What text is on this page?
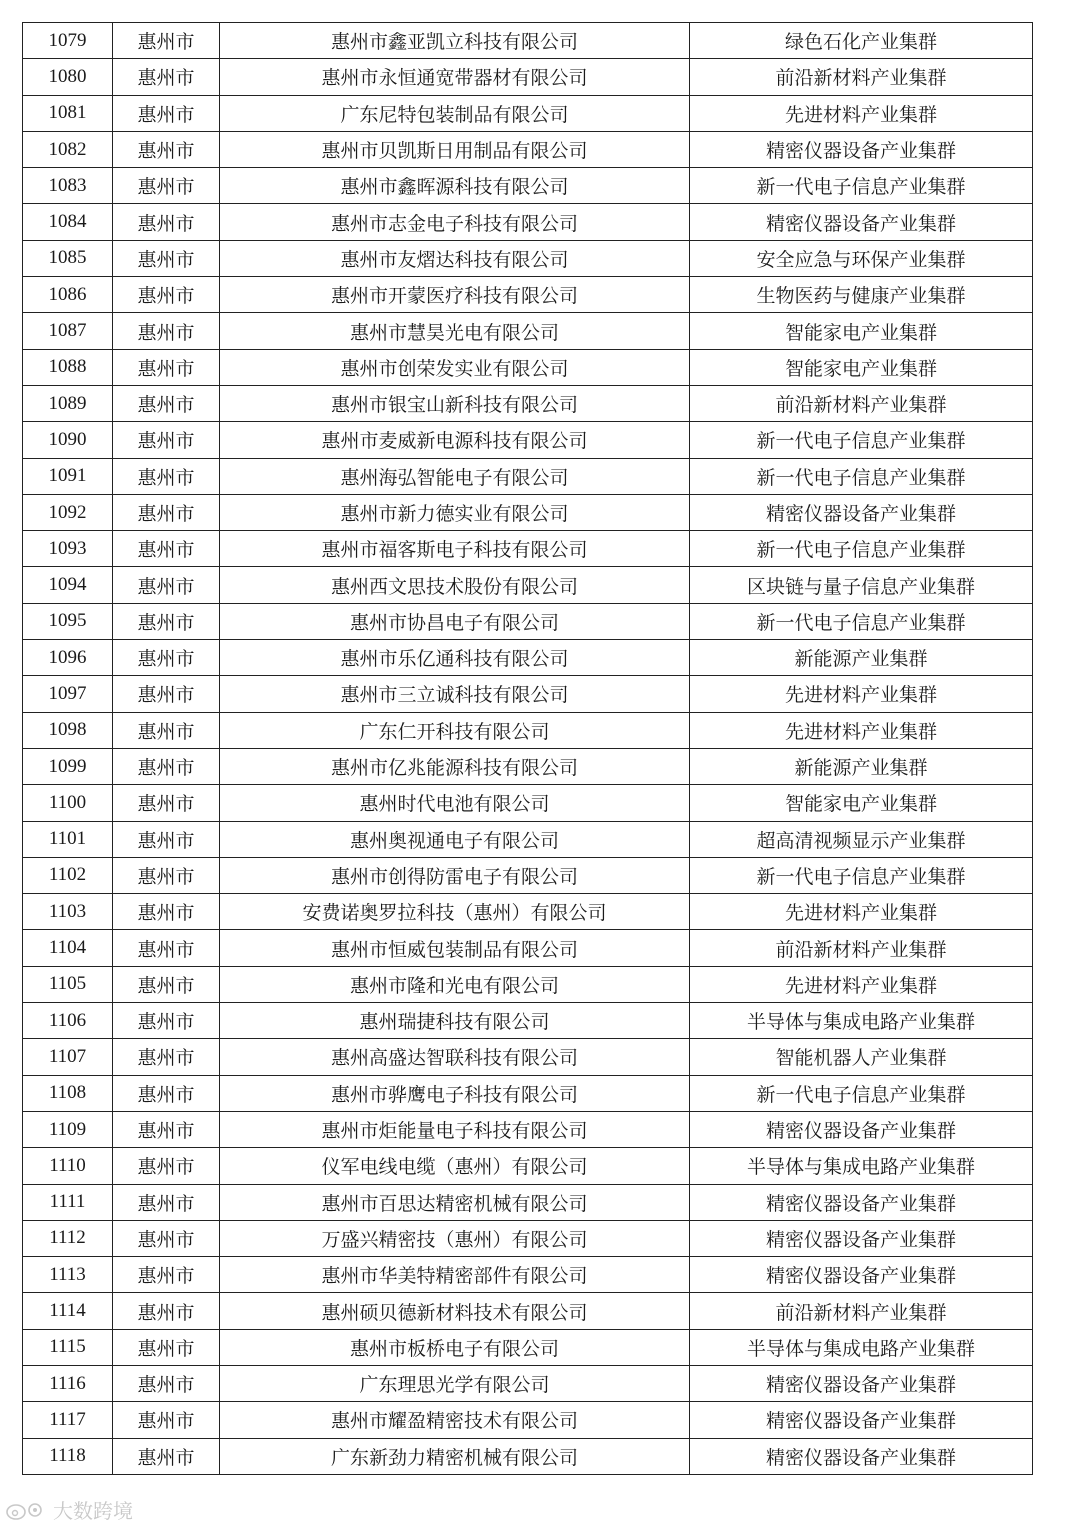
1079	惠州市	惠州市鑫亚凯立科技有限公司	绿色石化产业集群
1080	惠州市	惠州市永恒通宽带器材有限公司	前沿新材料产业集群
1081	惠州市	广东尼特包装制品有限公司	先进材料产业集群
1082	惠州市	惠州市贝凯斯日用制品有限公司	精密仪器设备产业集群
1083	惠州市	惠州市鑫晖源科技有限公司	新一代电子信息产业集群
1084	惠州市	惠州市志金电子科技有限公司	精密仪器设备产业集群
1085	惠州市	惠州市友熠达科技有限公司	安全应急与环保产业集群
1086	惠州市	惠州市开蒙医疗科技有限公司	生物医药与健康产业集群
1087	惠州市	惠州市慧昊光电有限公司	智能家电产业集群
1088	惠州市	惠州市创荣发实业有限公司	智能家电产业集群
1089	惠州市	惠州市银宝山新科技有限公司	前沿新材料产业集群
1090	惠州市	惠州市麦威新电源科技有限公司	新一代电子信息产业集群
1091	惠州市	惠州海弘智能电子有限公司	新一代电子信息产业集群
1092	惠州市	惠州市新力德实业有限公司	精密仪器设备产业集群
1093	惠州市	惠州市福客斯电子科技有限公司	新一代电子信息产业集群
1094	惠州市	惠州西文思技术股份有限公司	区块链与量子信息产业集群
1095	惠州市	惠州市协昌电子有限公司	新一代电子信息产业集群
1096	惠州市	惠州市乐亿通科技有限公司	新能源产业集群
1097	惠州市	惠州市三立诚科技有限公司	先进材料产业集群
1098	惠州市	广东仁开科技有限公司	先进材料产业集群
1099	惠州市	惠州市亿兆能源科技有限公司	新能源产业集群
1100	惠州市	惠州时代电池有限公司	智能家电产业集群
1101	惠州市	惠州奥视通电子有限公司	超高清视频显示产业集群
1102	惠州市	惠州市创得防雷电子有限公司	新一代电子信息产业集群
1103	惠州市	安费诺奥罗拉科技（惠州）有限公司	先进材料产业集群
1104	惠州市	惠州市恒威包装制品有限公司	前沿新材料产业集群
1105	惠州市	惠州市隆和光电有限公司	先进材料产业集群
1106	惠州市	惠州瑞捷科技有限公司	半导体与集成电路产业集群
1107	惠州市	惠州高盛达智联科技有限公司	智能机器人产业集群
1108	惠州市	惠州市骅鹰电子科技有限公司	新一代电子信息产业集群
1109	惠州市	惠州市炬能量电子科技有限公司	精密仪器设备产业集群
1110	惠州市	仪军电线电缆（惠州）有限公司	半导体与集成电路产业集群
1111	惠州市	惠州市百思达精密机械有限公司	精密仪器设备产业集群
1112	惠州市	万盛兴精密技（惠州）有限公司	精密仪器设备产业集群
1113	惠州市	惠州市华美特精密部件有限公司	精密仪器设备产业集群
1114	惠州市	惠州硕贝德新材料技术有限公司	前沿新材料产业集群
1115	惠州市	惠州市板桥电子有限公司	半导体与集成电路产业集群
1116	惠州市	广东理思光学有限公司	精密仪器设备产业集群
1117	惠州市	惠州市耀盈精密技术有限公司	精密仪器设备产业集群
1118	惠州市	广东新劲力精密机械有限公司	精密仪器设备产业集群
大数跨境
